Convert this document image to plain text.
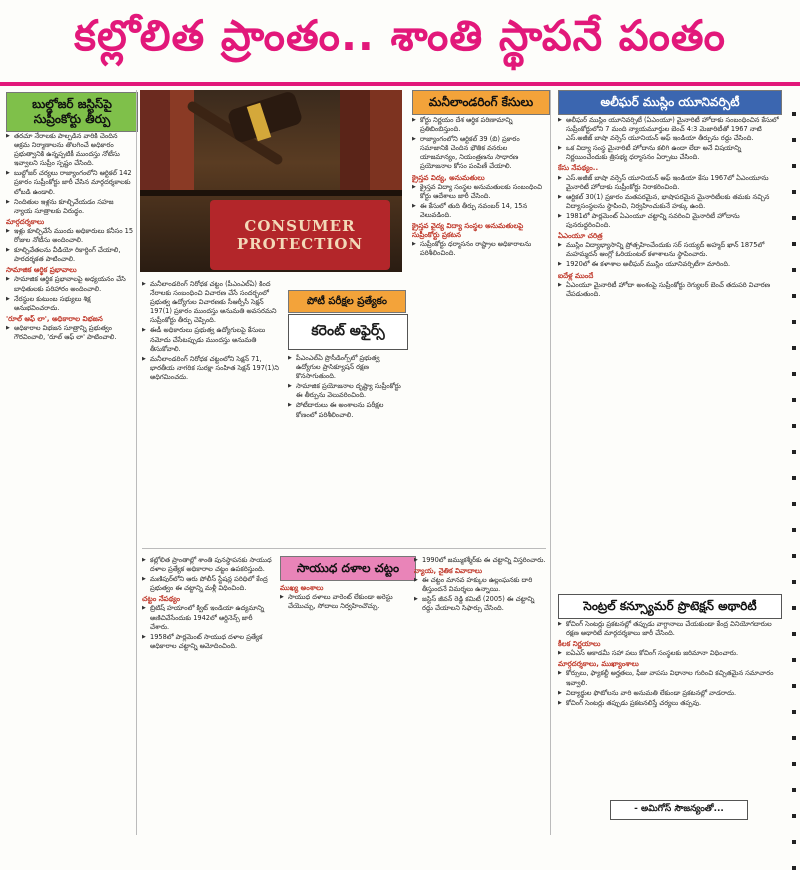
కల్లోలిత ప్రాంతం.. శాంతి స్థాపనే పంతం
బుల్డోజర్ జస్టిస్‌పై
సుప్రీంకోర్టు తీర్పు

▶ తరచూ నేరాలకు పాల్పడిన వారికి చెందిన అక్రమ నిర్మాణాలను తొలగించే అధికారం ప్రభుత్వానికి ఉన్నప్పటికీ ముందస్తు నోటీసు ఇవ్వాలని సుప్రీం స్పష్టం చేసింది.

▶ బుల్డోజర్ చర్యలు రాజ్యాంగంలోని ఆర్టికల్ 142 ప్రకారం సుప్రీంకోర్టు జారీ చేసిన మార్గదర్శకాలకు లోబడి ఉండాలి.

▶ నిందితుల ఇళ్లను కూల్చివేయడం సహజ న్యాయ సూత్రాలకు విరుద్ధం.

మార్గదర్శకాలు

▶ ఇళ్లు కూల్చివేసే ముందు అధికారులు కనీసం 15 రోజుల నోటీసు అందించాలి.

▶ కూల్చివేతలను వీడియో రికార్డింగ్ చేయాలి, పారదర్శకత పాటించాలి.

సామాజిక ఆర్థిక ప్రభావాలు

▶ సామాజిక ఆర్థిక ప్రభావాలపై అధ్యయనం చేసి బాధితులకు పరిహారం అందించాలి.

▶ నేరస్థుల కుటుంబ సభ్యులు శిక్ష అనుభవించరాదు.

'రూల్ ఆఫ్ లా', అధికారాల విభజన

▶ అధికారాల విభజన సూత్రాన్ని ప్రభుత్వం గౌరవించాలి, 'రూల్ ఆఫ్ లా' పాటించాలి.

CONSUMER
PROTECTION

▶ మనీలాండరింగ్ నిరోధక చట్టం (పీఎంఎల్ఏ) కింద నేరాలకు సంబంధించి విచారణ చేసే సందర్భంలో ప్రభుత్వ ఉద్యోగుల విచారణకు సీఆర్పీసీ సెక్షన్ 197(1) ప్రకారం ముందస్తు అనుమతి అవసరమని సుప్రీంకోర్టు తీర్పు చెప్పింది.

▶ ఈడీ అధికారులు ప్రభుత్వ ఉద్యోగులపై కేసులు నమోదు చేసేటప్పుడు ముందస్తు అనుమతి తీసుకోవాలి.

▶ మనీలాండరింగ్ నిరోధక చట్టంలోని సెక్షన్ 71, భారతీయ నాగరిక సురక్షా సంహిత సెక్షన్ 197(1)ని అధిగమించదు.

పోటీ పరీక్షల ప్రత్యేకం
కరెంట్ అఫైర్స్

▶ పీఎంఎల్ఏ ప్రొసీడింగ్స్‌లో ప్రభుత్వ ఉద్యోగుల ప్రాసిక్యూషన్ రక్షణ కొనసాగుతుంది.

▶ సామాజిక ప్రయోజనాల దృష్ట్యా సుప్రీంకోర్టు ఈ తీర్పును వెలువరించింది.

▶ పోటీదారులు ఈ అంశాలను పరీక్షల కోణంలో పరిశీలించాలి.

మనీలాండరింగ్ కేసులు

▶ కోర్టు నిర్ణయం దేశ ఆర్థిక పరిణామాన్ని ప్రతిబింబిస్తుంది.

▶ రాజ్యాంగంలోని ఆర్టికల్ 39 (బి) ప్రకారం సమాజానికి చెందిన భౌతిక వనరుల యాజమాన్యం, నియంత్రణను సాధారణ ప్రయోజనాల కోసం పంపిణీ చేయాలి.

క్రైస్తవ విద్య, అనుమతులు

▶ క్రైస్తవ విద్యా సంస్థల అనుమతులకు సంబంధించి కోర్టు ఆదేశాలు జారీ చేసింది.

▶ ఈ కేసులో తుది తీర్పు నవంబర్ 14, 15న వెలువడింది.

క్రైస్తవ వైద్య విద్యా సంస్థల అనుమతులపై సుప్రీంకోర్టు ప్రకటన

▶ సుప్రీంకోర్టు ధర్మాసనం రాష్ట్రాల అధికారాలను పరిశీలించింది.

అలీఘర్ ముస్లిం యూనివర్సిటీ

▶ అలీఘర్ ముస్లిం యూనివర్సిటీ (ఏఎంయూ) మైనారిటీ హోదాకు సంబంధించిన కేసులో సుప్రీంకోర్టులోని 7 మంది న్యాయమూర్తుల బెంచ్ 4:3 మెజారిటీతో 1967 నాటి ఎస్.అజీజ్ బాషా వర్సెస్ యూనియన్ ఆఫ్ ఇండియా తీర్పును రద్దు చేసింది.

▶ ఒక విద్యా సంస్థ మైనారిటీ హోదాను కలిగి ఉందా లేదా అనే విషయాన్ని నిర్ణయించేందుకు త్రిసభ్య ధర్మాసనం ఏర్పాటు చేసింది.

కేసు నేపథ్యం..

▶ ఎస్.అజీజ్ బాషా వర్సెస్ యూనియన్ ఆఫ్ ఇండియా కేసు 1967లో ఏఎంయూను మైనారిటీ హోదాకు సుప్రీంకోర్టు నిరాకరించింది.

▶ ఆర్టికల్ 30(1) ప్రకారం మతపరమైన, భాషాపరమైన మైనారిటీలకు తమకు నచ్చిన విద్యాసంస్థలను స్థాపించి, నిర్వహించుకునే హక్కు ఉంది.

▶ 1981లో పార్లమెంట్ ఏఎంయూ చట్టాన్ని సవరించి మైనారిటీ హోదాను పునరుద్ధరించింది.

ఏఎంయూ చరిత్ర

▶ ముస్లిం విద్యాభ్యాసాన్ని ప్రోత్సహించేందుకు సర్ సయ్యద్ అహ్మద్ ఖాన్ 1875లో మహమ్మదన్ ఆంగ్లో ఓరియంటల్ కళాశాలను స్థాపించారు.

▶ 1920లో ఈ కళాశాల అలీఘర్ ముస్లిం యూనివర్సిటీగా మారింది.

ఐదేళ్ల ముందే

▶ ఏఎంయూ మైనారిటీ హోదా అంశంపై సుప్రీంకోర్టు రెగ్యులర్ బెంచ్ తదుపరి విచారణ చేపడుతుంది.

▶ కల్లోలిత ప్రాంతాల్లో శాంతి పునస్థాపనకు సాయుధ దళాల ప్రత్యేక అధికారాల చట్టం ఉపకరిస్తుంది.

▶ మణిపుర్‌లోని ఆరు పోలీస్ స్టేషన్ల పరిధిలో కేంద్ర ప్రభుత్వం ఈ చట్టాన్ని మళ్లీ విధించింది.

చట్టం నేపథ్యం

▶ బ్రిటిష్ హయాంలో క్విట్ ఇండియా ఉద్యమాన్ని అణిచివేసేందుకు 1942లో ఆర్డినెన్స్ జారీ చేశారు.

▶ 1958లో పార్లమెంట్ సాయుధ దళాల ప్రత్యేక అధికారాల చట్టాన్ని ఆమోదించింది.

సాయుధ దళాల చట్టం
ముఖ్య అంశాలు

▶ సాయుధ దళాలు వారెంట్ లేకుండా అరెస్టు చేయొచ్చు, సోదాలు నిర్వహించొచ్చు.

▶ 1990లో జమ్ముకశ్మీర్‌కు ఈ చట్టాన్ని విస్తరించారు.

న్యాయ, నైతిక వివాదాలు

▶ ఈ చట్టం మానవ హక్కుల ఉల్లంఘనకు దారి తీస్తుందనే విమర్శలు ఉన్నాయి.

▶ జస్టిస్ జీవన్ రెడ్డి కమిటీ (2005) ఈ చట్టాన్ని రద్దు చేయాలని సిఫార్సు చేసింది.	సెంట్రల్ కన్స్యూమర్ ప్రొటెక్షన్ అథారిటీ

▶ కోచింగ్ సెంటర్లు ప్రకటనల్లో తప్పుడు వాగ్దానాలు చేయకుండా కేంద్ర వినియోగదారుల రక్షణ అథారిటీ మార్గదర్శకాలు జారీ చేసింది.

కీలక నిర్ణయాలు

▶ ఐఏఎస్ అకాడమీ సహా పలు కోచింగ్ సంస్థలకు జరిమానా విధించారు.

మార్గదర్శకాలు, ముఖ్యాంశాలు

▶ కోర్సులు, ఫ్యాకల్టీ అర్హతలు, ఫీజు వాపసు విధానాల గురించి కచ్చితమైన సమాచారం ఇవ్వాలి.

▶ విద్యార్థుల ఫొటోలను వారి అనుమతి లేకుండా ప్రకటనల్లో వాడరాదు.

▶ కోచింగ్ సెంటర్లు తప్పుడు ప్రకటనలిస్తే చర్యలు తప్పవు.

- అమిగోస్ సౌజన్యంతో...
